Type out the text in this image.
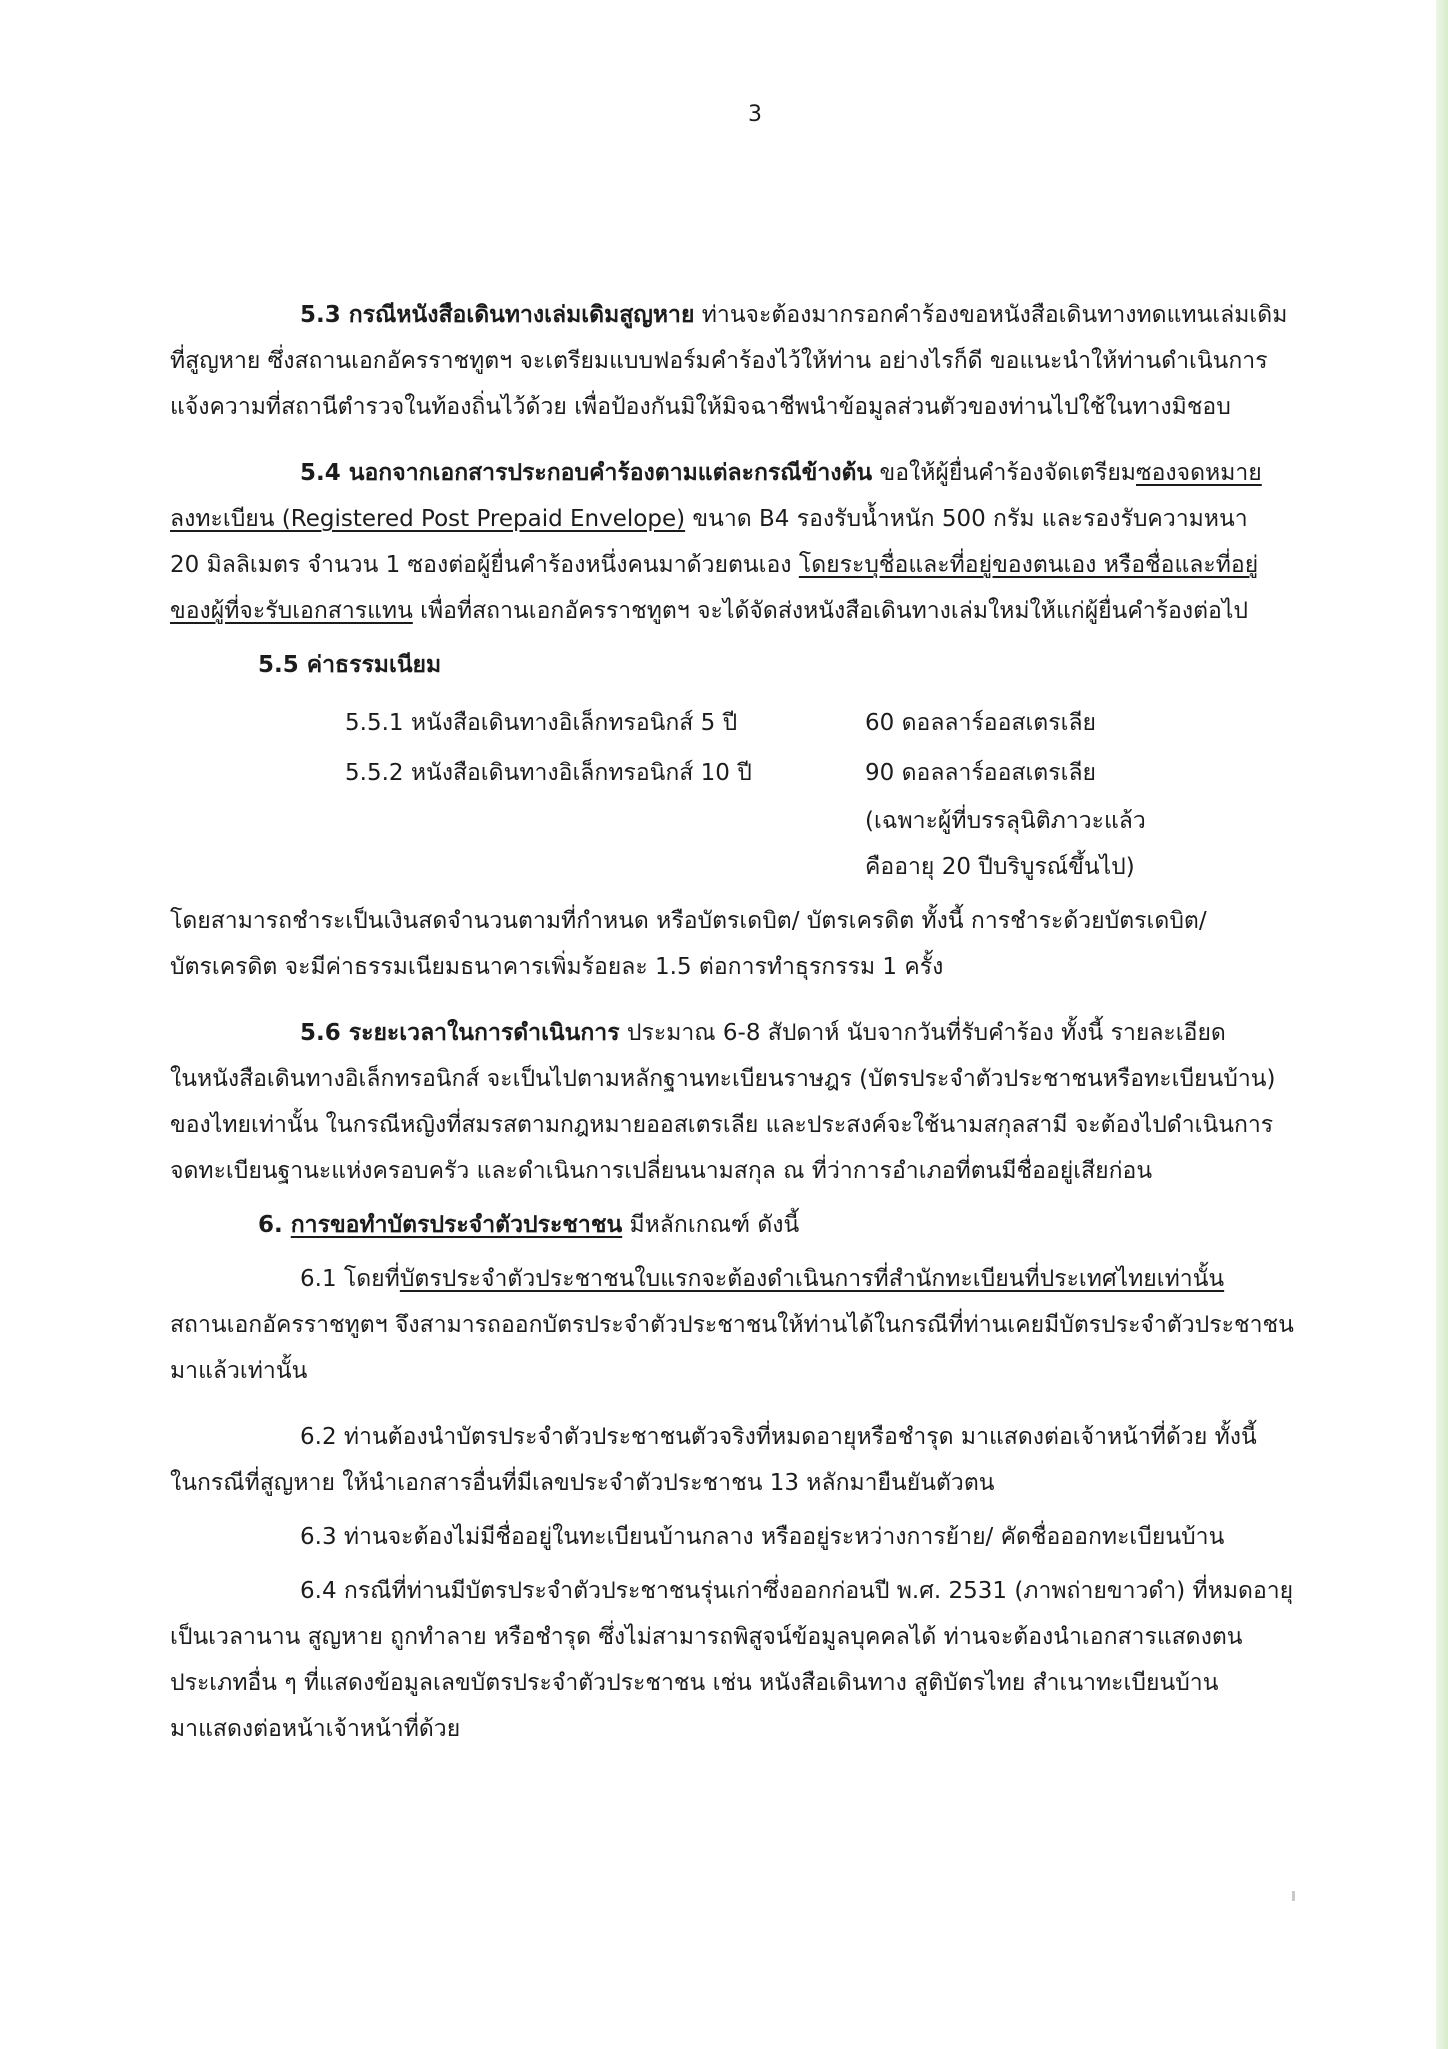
3
5.3 กรณีหนังสือเดินทางเล่มเดิมสูญหาย ท่านจะต้องมากรอกคำร้องขอหนังสือเดินทางทดแทนเล่มเดิม
ที่สูญหาย ซึ่งสถานเอกอัครราชทูตฯ จะเตรียมแบบฟอร์มคำร้องไว้ให้ท่าน อย่างไรก็ดี ขอแนะนำให้ท่านดำเนินการ
แจ้งความที่สถานีตำรวจในท้องถิ่นไว้ด้วย เพื่อป้องกันมิให้มิจฉาชีพนำข้อมูลส่วนตัวของท่านไปใช้ในทางมิชอบ
5.4 นอกจากเอกสารประกอบคำร้องตามแต่ละกรณีข้างต้น ขอให้ผู้ยื่นคำร้องจัดเตรียมซองจดหมาย
ลงทะเบียน (Registered Post Prepaid Envelope) ขนาด B4 รองรับน้ำหนัก 500 กรัม และรองรับความหนา
20 มิลลิเมตร จำนวน 1 ซองต่อผู้ยื่นคำร้องหนึ่งคนมาด้วยตนเอง โดยระบุชื่อและที่อยู่ของตนเอง หรือชื่อและที่อยู่
ของผู้ที่จะรับเอกสารแทน เพื่อที่สถานเอกอัครราชทูตฯ จะได้จัดส่งหนังสือเดินทางเล่มใหม่ให้แก่ผู้ยื่นคำร้องต่อไป
5.5 ค่าธรรมเนียม
5.5.1 หนังสือเดินทางอิเล็กทรอนิกส์ 5 ปี	60 ดอลลาร์ออสเตรเลีย
5.5.2 หนังสือเดินทางอิเล็กทรอนิกส์ 10 ปี	90 ดอลลาร์ออสเตรเลีย
(เฉพาะผู้ที่บรรลุนิติภาวะแล้ว
คืออายุ 20 ปีบริบูรณ์ขึ้นไป)
โดยสามารถชำระเป็นเงินสดจำนวนตามที่กำหนด หรือบัตรเดบิต/ บัตรเครดิต ทั้งนี้ การชำระด้วยบัตรเดบิต/
บัตรเครดิต จะมีค่าธรรมเนียมธนาคารเพิ่มร้อยละ 1.5 ต่อการทำธุรกรรม 1 ครั้ง
5.6 ระยะเวลาในการดำเนินการ ประมาณ 6-8 สัปดาห์ นับจากวันที่รับคำร้อง ทั้งนี้ รายละเอียด
ในหนังสือเดินทางอิเล็กทรอนิกส์ จะเป็นไปตามหลักฐานทะเบียนราษฎร (บัตรประจำตัวประชาชนหรือทะเบียนบ้าน)
ของไทยเท่านั้น ในกรณีหญิงที่สมรสตามกฎหมายออสเตรเลีย และประสงค์จะใช้นามสกุลสามี จะต้องไปดำเนินการ
จดทะเบียนฐานะแห่งครอบครัว และดำเนินการเปลี่ยนนามสกุล ณ ที่ว่าการอำเภอที่ตนมีชื่ออยู่เสียก่อน
6. การขอทำบัตรประจำตัวประชาชน มีหลักเกณฑ์ ดังนี้
6.1 โดยที่บัตรประจำตัวประชาชนใบแรกจะต้องดำเนินการที่สำนักทะเบียนที่ประเทศไทยเท่านั้น
สถานเอกอัครราชทูตฯ จึงสามารถออกบัตรประจำตัวประชาชนให้ท่านได้ในกรณีที่ท่านเคยมีบัตรประจำตัวประชาชน
มาแล้วเท่านั้น
6.2 ท่านต้องนำบัตรประจำตัวประชาชนตัวจริงที่หมดอายุหรือชำรุด มาแสดงต่อเจ้าหน้าที่ด้วย ทั้งนี้
ในกรณีที่สูญหาย ให้นำเอกสารอื่นที่มีเลขประจำตัวประชาชน 13 หลักมายืนยันตัวตน
6.3 ท่านจะต้องไม่มีชื่ออยู่ในทะเบียนบ้านกลาง หรืออยู่ระหว่างการย้าย/ คัดชื่อออกทะเบียนบ้าน
6.4 กรณีที่ท่านมีบัตรประจำตัวประชาชนรุ่นเก่าซึ่งออกก่อนปี พ.ศ. 2531 (ภาพถ่ายขาวดำ) ที่หมดอายุ
เป็นเวลานาน สูญหาย ถูกทำลาย หรือชำรุด ซึ่งไม่สามารถพิสูจน์ข้อมูลบุคคลได้ ท่านจะต้องนำเอกสารแสดงตน
ประเภทอื่น ๆ ที่แสดงข้อมูลเลขบัตรประจำตัวประชาชน เช่น หนังสือเดินทาง สูติบัตรไทย สำเนาทะเบียนบ้าน
มาแสดงต่อหน้าเจ้าหน้าที่ด้วย
